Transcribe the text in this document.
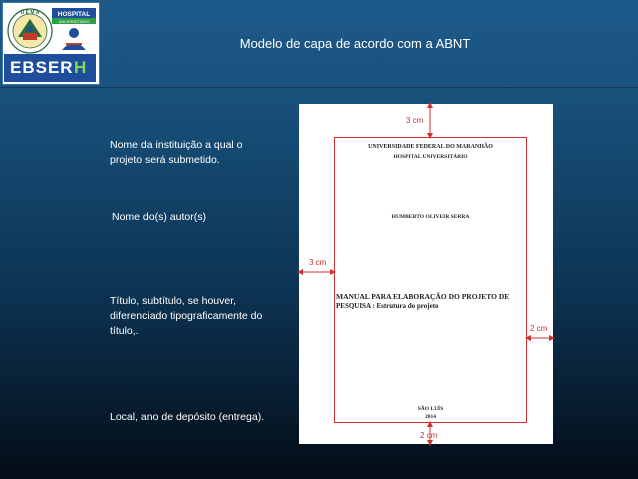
U E M A	HOSPITAL
UNIVERSITÁRIO
EBSER H
Modelo de capa de acordo com a ABNT
Nome da instituição a qual o projeto será submetido.
Nome do(s) autor(s)
Título, subtítulo, se houver, diferenciado tipograficamente do título,.
Local, ano de depósito (entrega).
UNIVERSIDADE FEDERAL DO MARANHÃO
HOSPITAL UNIVERSITÁRIO
HUMBERTO OLIVEIR SERRA
MANUAL PARA ELABORAÇÃO DO PROJETO DE
PESQUISA : Estrutura do projeto
SÃO LUÍS
2014
3 cm
3 cm
2 cm
2 cm
